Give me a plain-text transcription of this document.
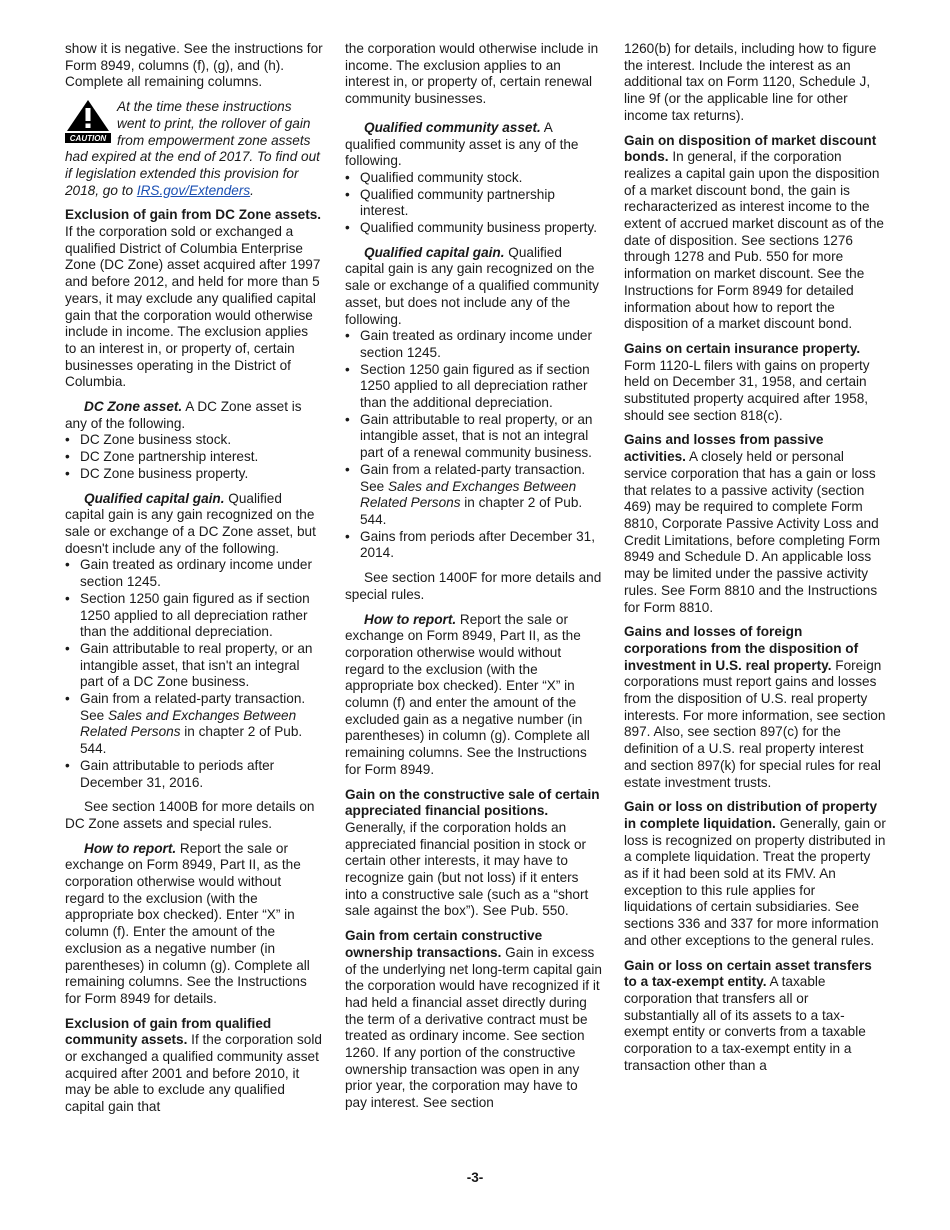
show it is negative. See the instructions for Form 8949, columns (f), (g), and (h). Complete all remaining columns.

CAUTION
At the time these instructions went to print, the rollover of gain from empowerment zone assets had expired at the end of 2017. To find out if legislation extended this provision for 2018, go to IRS.gov/Extenders.

Exclusion of gain from DC Zone assets. If the corporation sold or exchanged a qualified District of Columbia Enterprise Zone (DC Zone) asset acquired after 1997 and before 2012, and held for more than 5 years, it may exclude any qualified capital gain that the corporation would otherwise include in income. The exclusion applies to an interest in, or property of, certain businesses operating in the District of Columbia.

DC Zone asset. A DC Zone asset is any of the following.

• DC Zone business stock.
• DC Zone partnership interest.
• DC Zone business property.

Qualified capital gain. Qualified capital gain is any gain recognized on the sale or exchange of a DC Zone asset, but doesn't include any of the following.

• Gain treated as ordinary income under section 1245.
• Section 1250 gain figured as if section 1250 applied to all depreciation rather than the additional depreciation.
• Gain attributable to real property, or an intangible asset, that isn't an integral part of a DC Zone business.
• Gain from a related-party transaction. See Sales and Exchanges Between Related Persons in chapter 2 of Pub. 544.
• Gain attributable to periods after December 31, 2016.

See section 1400B for more details on DC Zone assets and special rules.

How to report. Report the sale or exchange on Form 8949, Part II, as the corporation otherwise would without regard to the exclusion (with the appropriate box checked). Enter “X” in column (f). Enter the amount of the exclusion as a negative number (in parentheses) in column (g). Complete all remaining columns. See the Instructions for Form 8949 for details.

Exclusion of gain from qualified community assets. If the corporation sold or exchanged a qualified community asset acquired after 2001 and before 2010, it may be able to exclude any qualified capital gain that

the corporation would otherwise include in income. The exclusion applies to an interest in, or property of, certain renewal community businesses.

Qualified community asset. A qualified community asset is any of the following.

• Qualified community stock.
• Qualified community partnership interest.
• Qualified community business property.

Qualified capital gain. Qualified capital gain is any gain recognized on the sale or exchange of a qualified community asset, but does not include any of the following.

• Gain treated as ordinary income under section 1245.
• Section 1250 gain figured as if section 1250 applied to all depreciation rather than the additional depreciation.
• Gain attributable to real property, or an intangible asset, that is not an integral part of a renewal community business.
• Gain from a related-party transaction. See Sales and Exchanges Between Related Persons in chapter 2 of Pub. 544.
• Gains from periods after December 31, 2014.

See section 1400F for more details and special rules.

How to report. Report the sale or exchange on Form 8949, Part II, as the corporation otherwise would without regard to the exclusion (with the appropriate box checked). Enter “X” in column (f) and enter the amount of the excluded gain as a negative number (in parentheses) in column (g). Complete all remaining columns. See the Instructions for Form 8949.

Gain on the constructive sale of certain appreciated financial positions. Generally, if the corporation holds an appreciated financial position in stock or certain other interests, it may have to recognize gain (but not loss) if it enters into a constructive sale (such as a “short sale against the box”). See Pub. 550.

Gain from certain constructive ownership transactions. Gain in excess of the underlying net long-term capital gain the corporation would have recognized if it had held a financial asset directly during the term of a derivative contract must be treated as ordinary income. See section 1260. If any portion of the constructive ownership transaction was open in any prior year, the corporation may have to pay interest. See section

1260(b) for details, including how to figure the interest. Include the interest as an additional tax on Form 1120, Schedule J, line 9f (or the applicable line for other income tax returns).

Gain on disposition of market discount bonds. In general, if the corporation realizes a capital gain upon the disposition of a market discount bond, the gain is recharacterized as interest income to the extent of accrued market discount as of the date of disposition. See sections 1276 through 1278 and Pub. 550 for more information on market discount. See the Instructions for Form 8949 for detailed information about how to report the disposition of a market discount bond.

Gains on certain insurance property. Form 1120-L filers with gains on property held on December 31, 1958, and certain substituted property acquired after 1958, should see section 818(c).

Gains and losses from passive activities. A closely held or personal service corporation that has a gain or loss that relates to a passive activity (section 469) may be required to complete Form 8810, Corporate Passive Activity Loss and Credit Limitations, before completing Form 8949 and Schedule D. An applicable loss may be limited under the passive activity rules. See Form 8810 and the Instructions for Form 8810.

Gains and losses of foreign corporations from the disposition of investment in U.S. real property. Foreign corporations must report gains and losses from the disposition of U.S. real property interests. For more information, see section 897. Also, see section 897(c) for the definition of a U.S. real property interest and section 897(k) for special rules for real estate investment trusts.

Gain or loss on distribution of property in complete liquidation. Generally, gain or loss is recognized on property distributed in a complete liquidation. Treat the property as if it had been sold at its FMV. An exception to this rule applies for liquidations of certain subsidiaries. See sections 336 and 337 for more information and other exceptions to the general rules.

Gain or loss on certain asset transfers to a tax-exempt entity. A taxable corporation that transfers all or substantially all of its assets to a tax-exempt entity or converts from a taxable corporation to a tax-exempt entity in a transaction other than a

-3-
